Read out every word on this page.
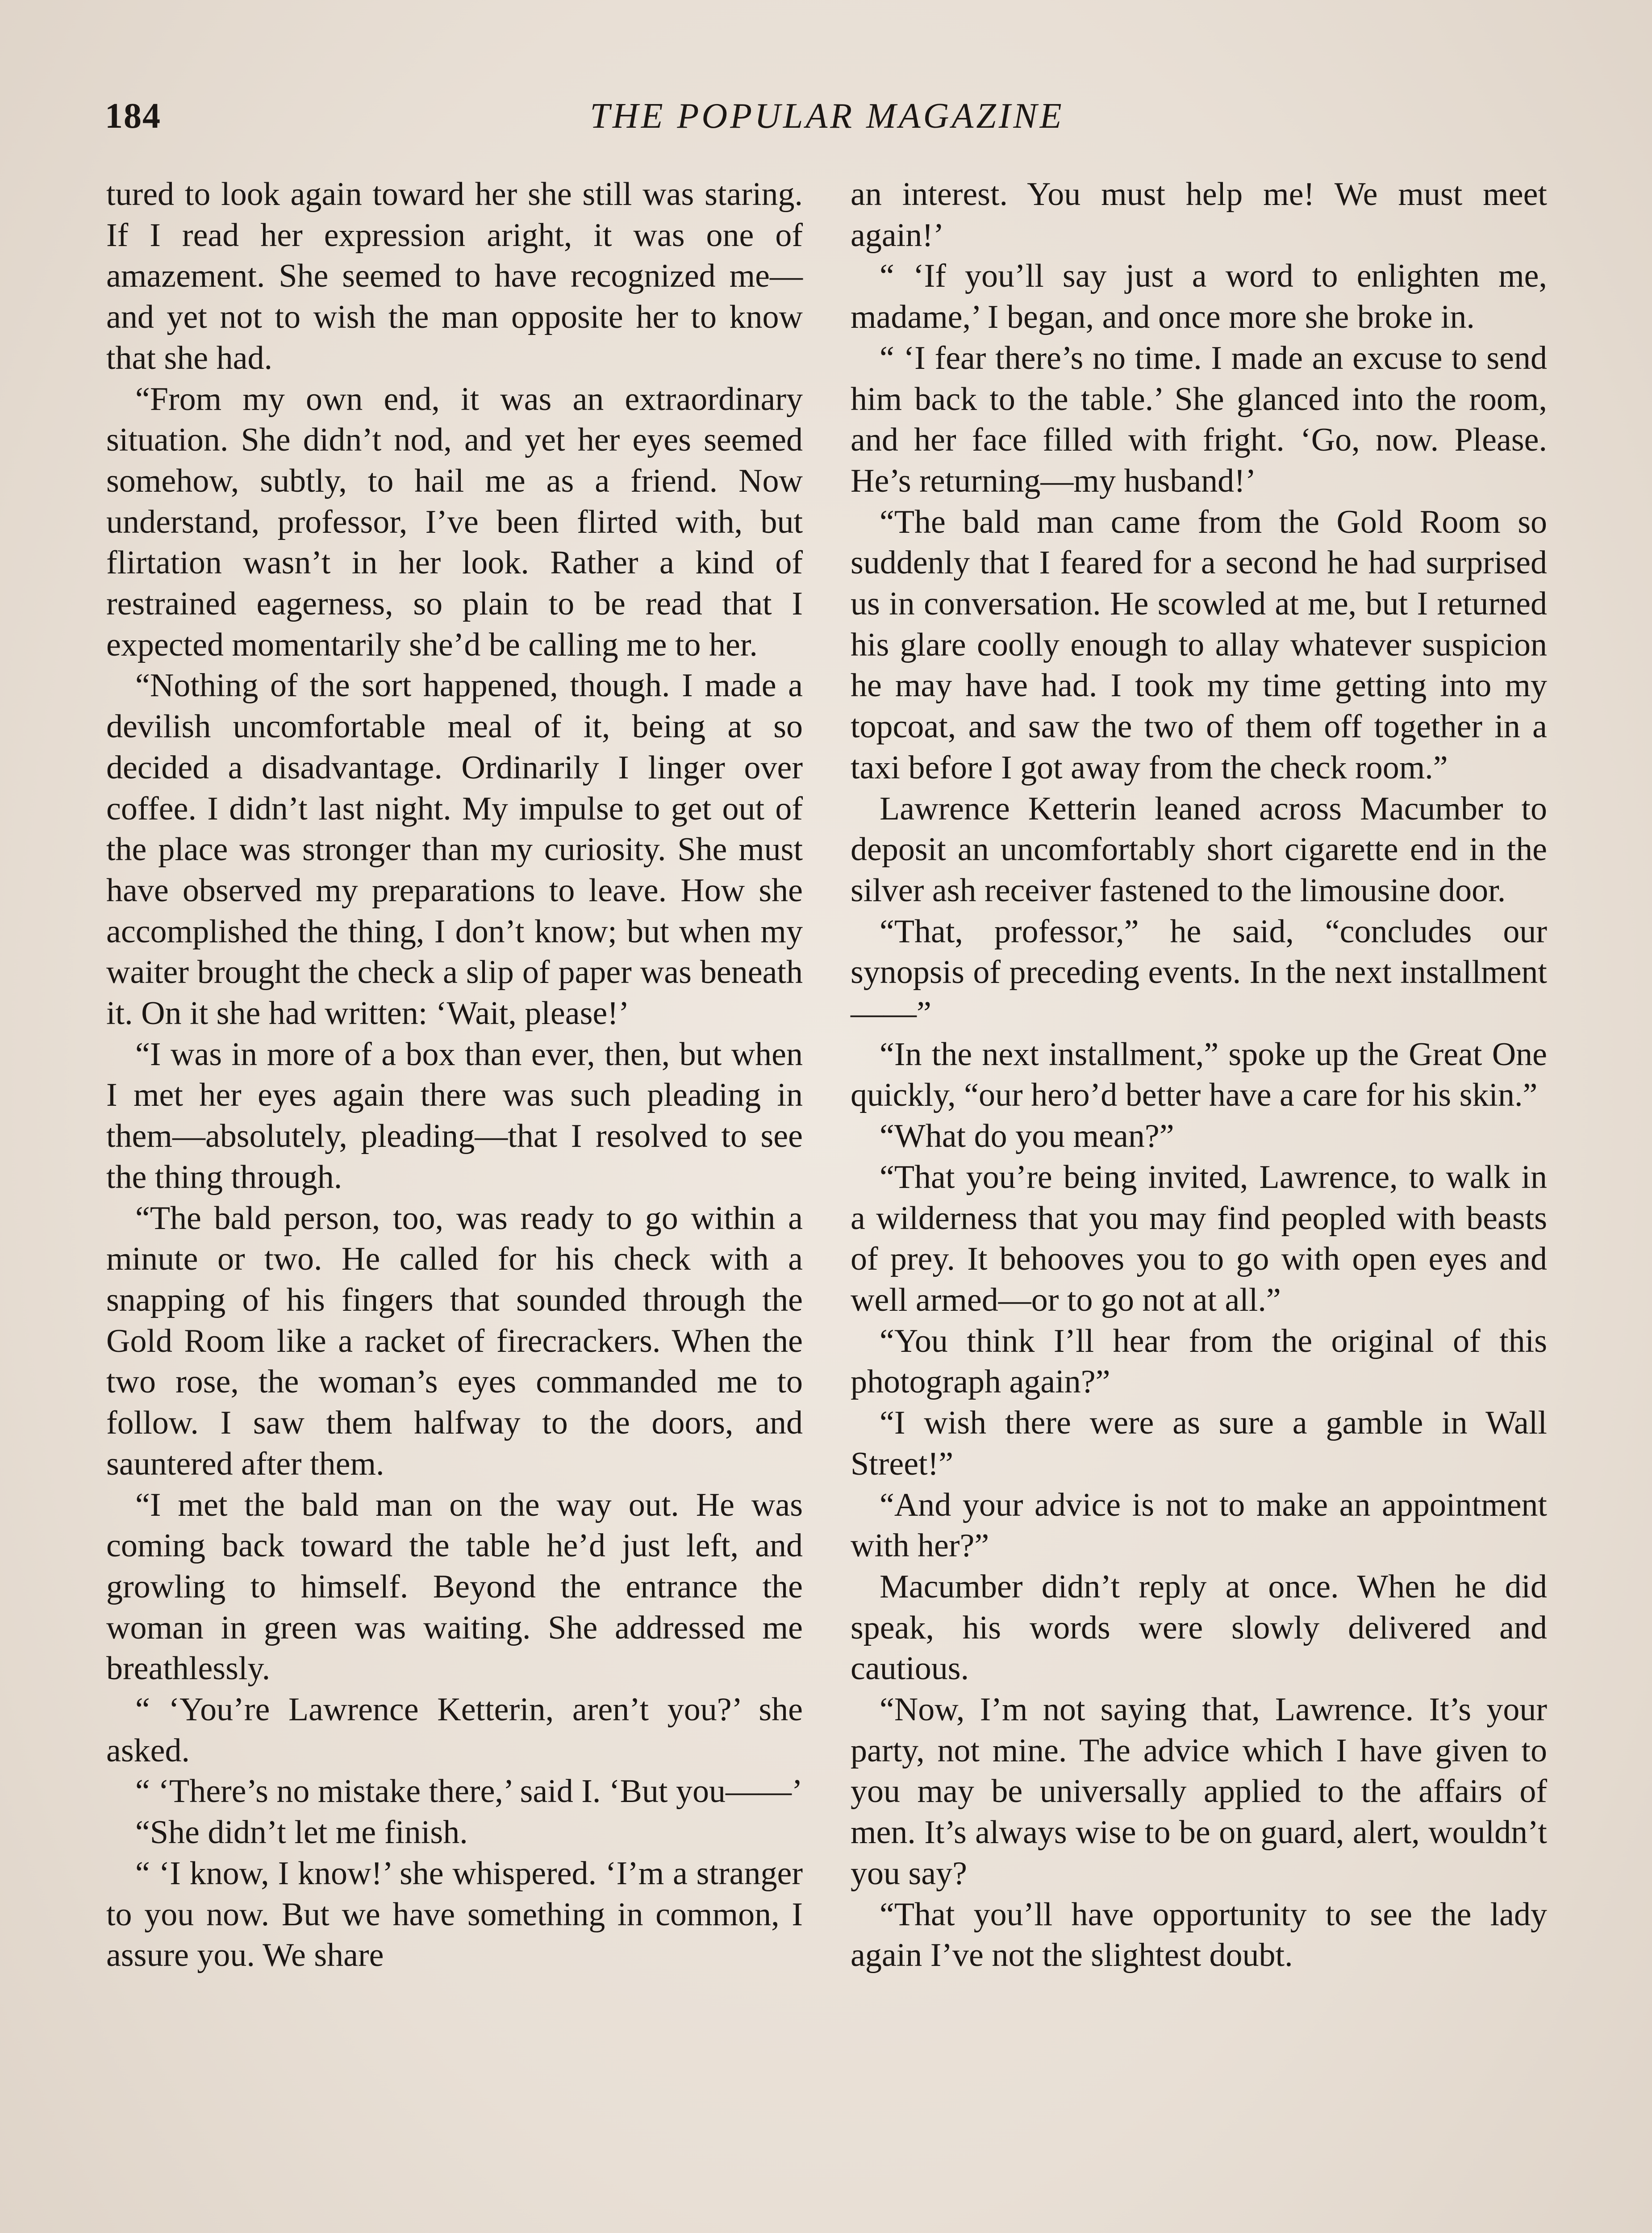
184	THE POPULAR MAGAZINE

tured to look again toward her she still was staring. If I read her expression aright, it was one of amazement. She seemed to have recognized me—and yet not to wish the man opposite her to know that she had.

“From my own end, it was an extraordinary situation. She didn’t nod, and yet her eyes seemed somehow, subtly, to hail me as a friend. Now understand, professor, I’ve been flirted with, but flirtation wasn’t in her look. Rather a kind of restrained eagerness, so plain to be read that I expected momentarily she’d be calling me to her.

“Nothing of the sort happened, though. I made a devilish uncomfortable meal of it, being at so decided a disadvantage. Ordinarily I linger over coffee. I didn’t last night. My impulse to get out of the place was stronger than my curiosity. She must have observed my preparations to leave. How she accomplished the thing, I don’t know; but when my waiter brought the check a slip of paper was beneath it. On it she had written: ‘Wait, please!’

“I was in more of a box than ever, then, but when I met her eyes again there was such pleading in them—absolutely, pleading—that I resolved to see the thing through.

“The bald person, too, was ready to go within a minute or two. He called for his check with a snapping of his fingers that sounded through the Gold Room like a racket of firecrackers. When the two rose, the woman’s eyes commanded me to follow. I saw them halfway to the doors, and sauntered after them.

“I met the bald man on the way out. He was coming back toward the table he’d just left, and growling to himself. Beyond the entrance the woman in green was waiting. She addressed me breathlessly.

“ ‘You’re Lawrence Ketterin, aren’t you?’ she asked.

“ ‘There’s no mistake there,’ said I. ‘But you——’

“She didn’t let me finish.

“ ‘I know, I know!’ she whispered. ‘I’m a stranger to you now. But we have something in common, I assure you. We share

an interest. You must help me! We must meet again!’

“ ‘If you’ll say just a word to enlighten me, madame,’ I began, and once more she broke in.

“ ‘I fear there’s no time. I made an excuse to send him back to the table.’ She glanced into the room, and her face filled with fright. ‘Go, now. Please. He’s returning—my husband!’

“The bald man came from the Gold Room so suddenly that I feared for a second he had surprised us in conversation. He scowled at me, but I returned his glare coolly enough to allay whatever suspicion he may have had. I took my time getting into my topcoat, and saw the two of them off together in a taxi before I got away from the check room.”

Lawrence Ketterin leaned across Macumber to deposit an uncomfortably short cigarette end in the silver ash receiver fastened to the limousine door.

“That, professor,” he said, “concludes our synopsis of preceding events. In the next installment——”

“In the next installment,” spoke up the Great One quickly, “our hero’d better have a care for his skin.”

“What do you mean?”

“That you’re being invited, Lawrence, to walk in a wilderness that you may find peopled with beasts of prey. It behooves you to go with open eyes and well armed—or to go not at all.”

“You think I’ll hear from the original of this photograph again?”

“I wish there were as sure a gamble in Wall Street!”

“And your advice is not to make an appointment with her?”

Macumber didn’t reply at once. When he did speak, his words were slowly delivered and cautious.

“Now, I’m not saying that, Lawrence. It’s your party, not mine. The advice which I have given to you may be universally applied to the affairs of men. It’s always wise to be on guard, alert, wouldn’t you say?

“That you’ll have opportunity to see the lady again I’ve not the slightest doubt.
